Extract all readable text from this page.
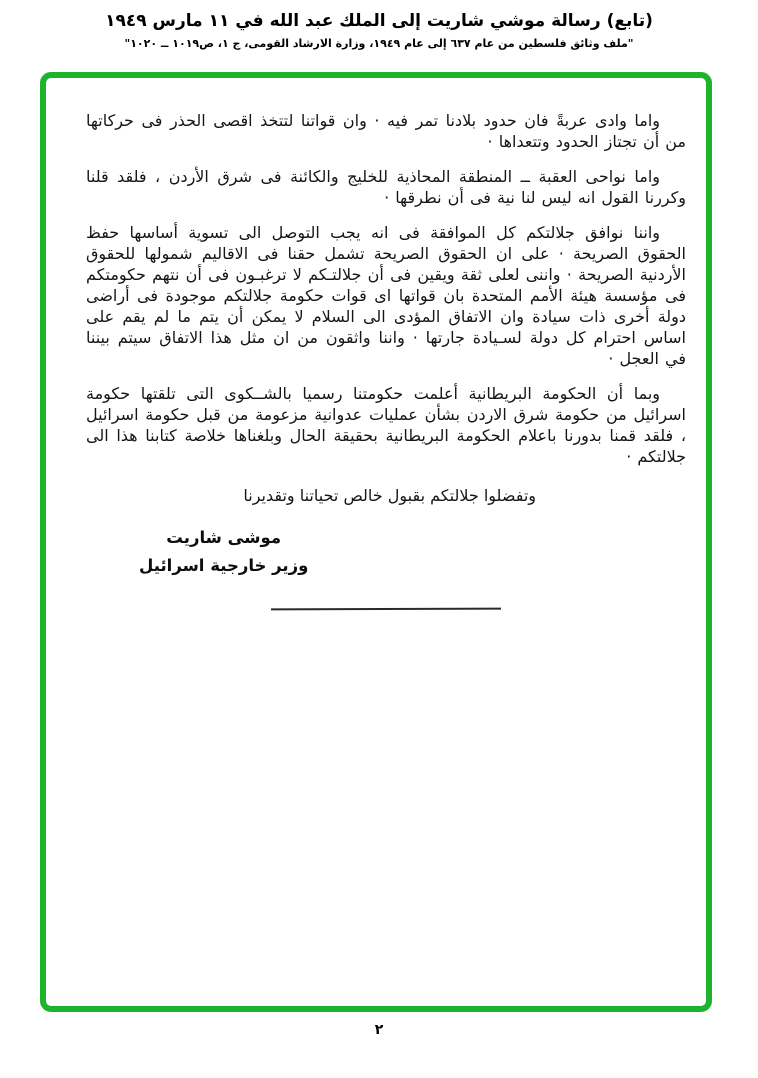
(تابع) رسالة موشي شاريت إلى الملك عبد الله في ١١ مارس ١٩٤٩
"ملف وثائق فلسطين من عام ٦٣٧ إلى عام ١٩٤٩، وزارة الارشاد القومى، ج ١، ص١٠١٩ ــ ١٠٢٠"

واما وادى عربةً فان حدود بلادنا تمر فيه · وان قواتنا لتتخذ اقصى الحذر فى حركاتها من أن تجتاز الحدود وتتعداها ·

واما نواحى العقبة ــ المنطقة المحاذية للخليج والكائنة فى شرق الأردن ، فلقد قلنا وكررنا القول انه ليس لنا نية فى أن نطرقها ·

واننا نوافق جلالتكم كل الموافقة فى انه يجب التوصل الى تسوية أساسها حفظ الحقوق الصريحة · على ان الحقوق الصريحة تشمل حقنا فى الاقاليم شمولها للحقوق الأردنية الصريحة · واننى لعلى ثقة ويقين فى أن جلالتـكم لا ترغبـون فى أن نتهم حكومتكم فى مؤسسة هيئة الأمم المتحدة بان قواتها اى قوات حكومة جلالتكم موجودة فى أراضى دولة أخرى ذات سيادة وان الاتفاق المؤدى الى السلام لا يمكن أن يتم ما لم يقم على اساس احترام كل دولة لسـيادة جارتها · واننا واثقون من ان مثل هذا الاتفاق سيتم بيننا في العجل ·

وبما أن الحكومة البريطانية أعلمت حكومتنا رسميا بالشــكوى التى تلقتها حكومة اسرائيل من حكومة شرق الاردن بشأن عمليات عدوانية مزعومة من قبل حكومة اسرائيل ، فلقد قمنا بدورنا باعلام الحكومة البريطانية بحقيقة الحال وبلغناها خلاصة كتابنا هذا الى جلالتكم ·

وتفضلوا جلالتكم بقبول خالص تحياتنا وتقديرنا

موشى شاريت
وزير خارجية اسرائيل
٢
